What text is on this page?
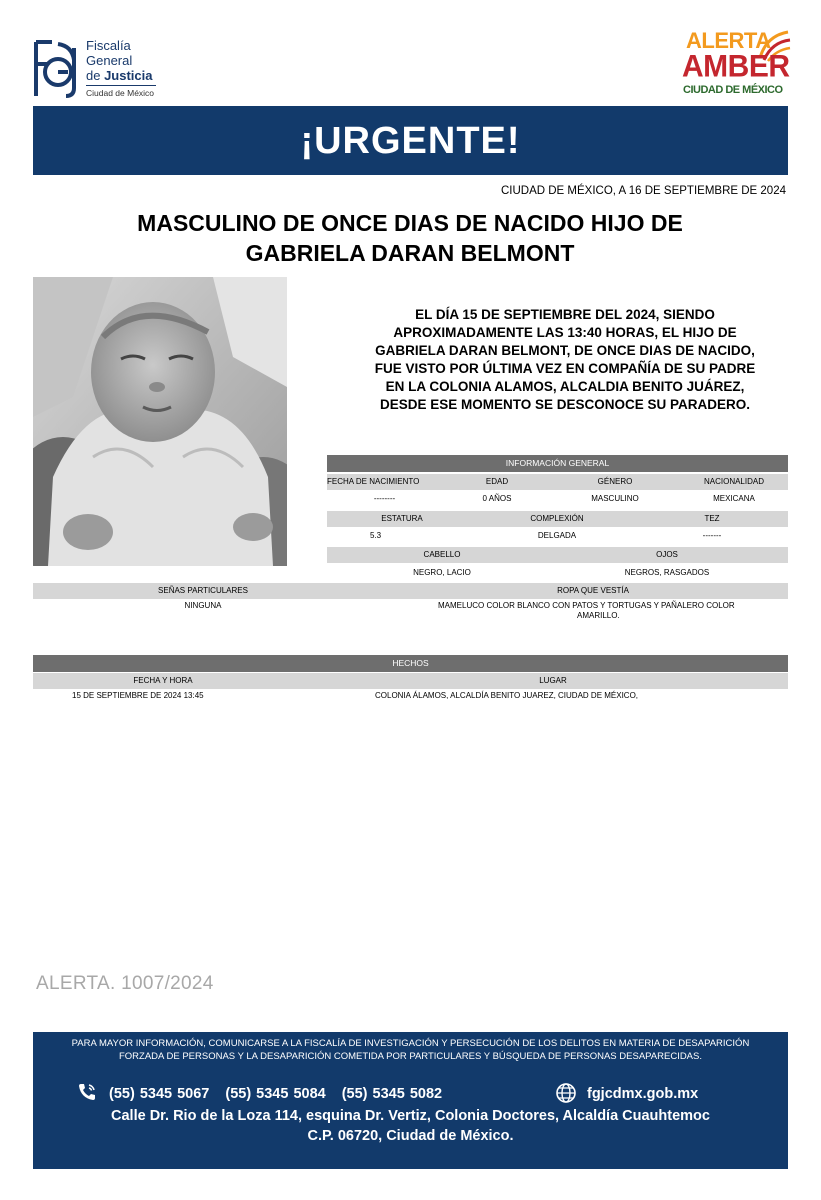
Fiscalía
General
de Justicia
Ciudad de México
ALERTA
AMBER
CIUDAD DE MÉXICO
¡URGENTE!
CIUDAD DE MÉXICO, A 16 DE SEPTIEMBRE DE 2024
MASCULINO DE ONCE DIAS DE NACIDO HIJO DE
GABRIELA DARAN BELMONT
EL DÍA 15 DE SEPTIEMBRE DEL 2024, SIENDO
APROXIMADAMENTE LAS 13:40 HORAS, EL HIJO DE
GABRIELA DARAN BELMONT, DE ONCE DIAS DE NACIDO,
FUE VISTO POR ÚLTIMA VEZ EN COMPAÑÍA DE SU PADRE
EN LA COLONIA ALAMOS, ALCALDIA BENITO JUÁREZ,
DESDE ESE MOMENTO SE DESCONOCE SU PARADERO.
INFORMACIÓN GENERAL
FECHA DE NACIMIENTO	EDAD	GÉNERO	NACIONALIDAD
--------	0 AÑOS	MASCULINO	MEXICANA
ESTATURA	COMPLEXIÓN	TEZ
5.3	DELGADA	-------
CABELLO	OJOS
NEGRO, LACIO	NEGROS, RASGADOS
SEÑAS PARTICULARES	ROPA QUE VESTÍA
NINGUNA	MAMELUCO COLOR BLANCO CON PATOS Y TORTUGAS Y PAÑALERO COLOR
AMARILLO.
HECHOS
FECHA Y HORA	LUGAR
15 DE SEPTIEMBRE DE 2024 13:45	COLONIA ÁLAMOS, ALCALDÍA BENITO JUAREZ, CIUDAD DE MÉXICO,
ALERTA. 1007/2024
PARA MAYOR INFORMACIÓN, COMUNICARSE A LA FISCALÍA DE INVESTIGACIÓN Y PERSECUCIÓN DE LOS DELITOS EN MATERIA DE DESAPARICIÓN
FORZADA DE PERSONAS Y LA DESAPARICIÓN COMETIDA POR PARTICULARES Y BÚSQUEDA DE PERSONAS DESAPARECIDAS.
(55) 5345 5067 (55) 5345 5084 (55) 5345 5082	fgjcdmx.gob.mx
Calle Dr. Rio de la Loza 114, esquina Dr. Vertiz, Colonia Doctores, Alcaldía Cuauhtemoc
C.P. 06720, Ciudad de México.
